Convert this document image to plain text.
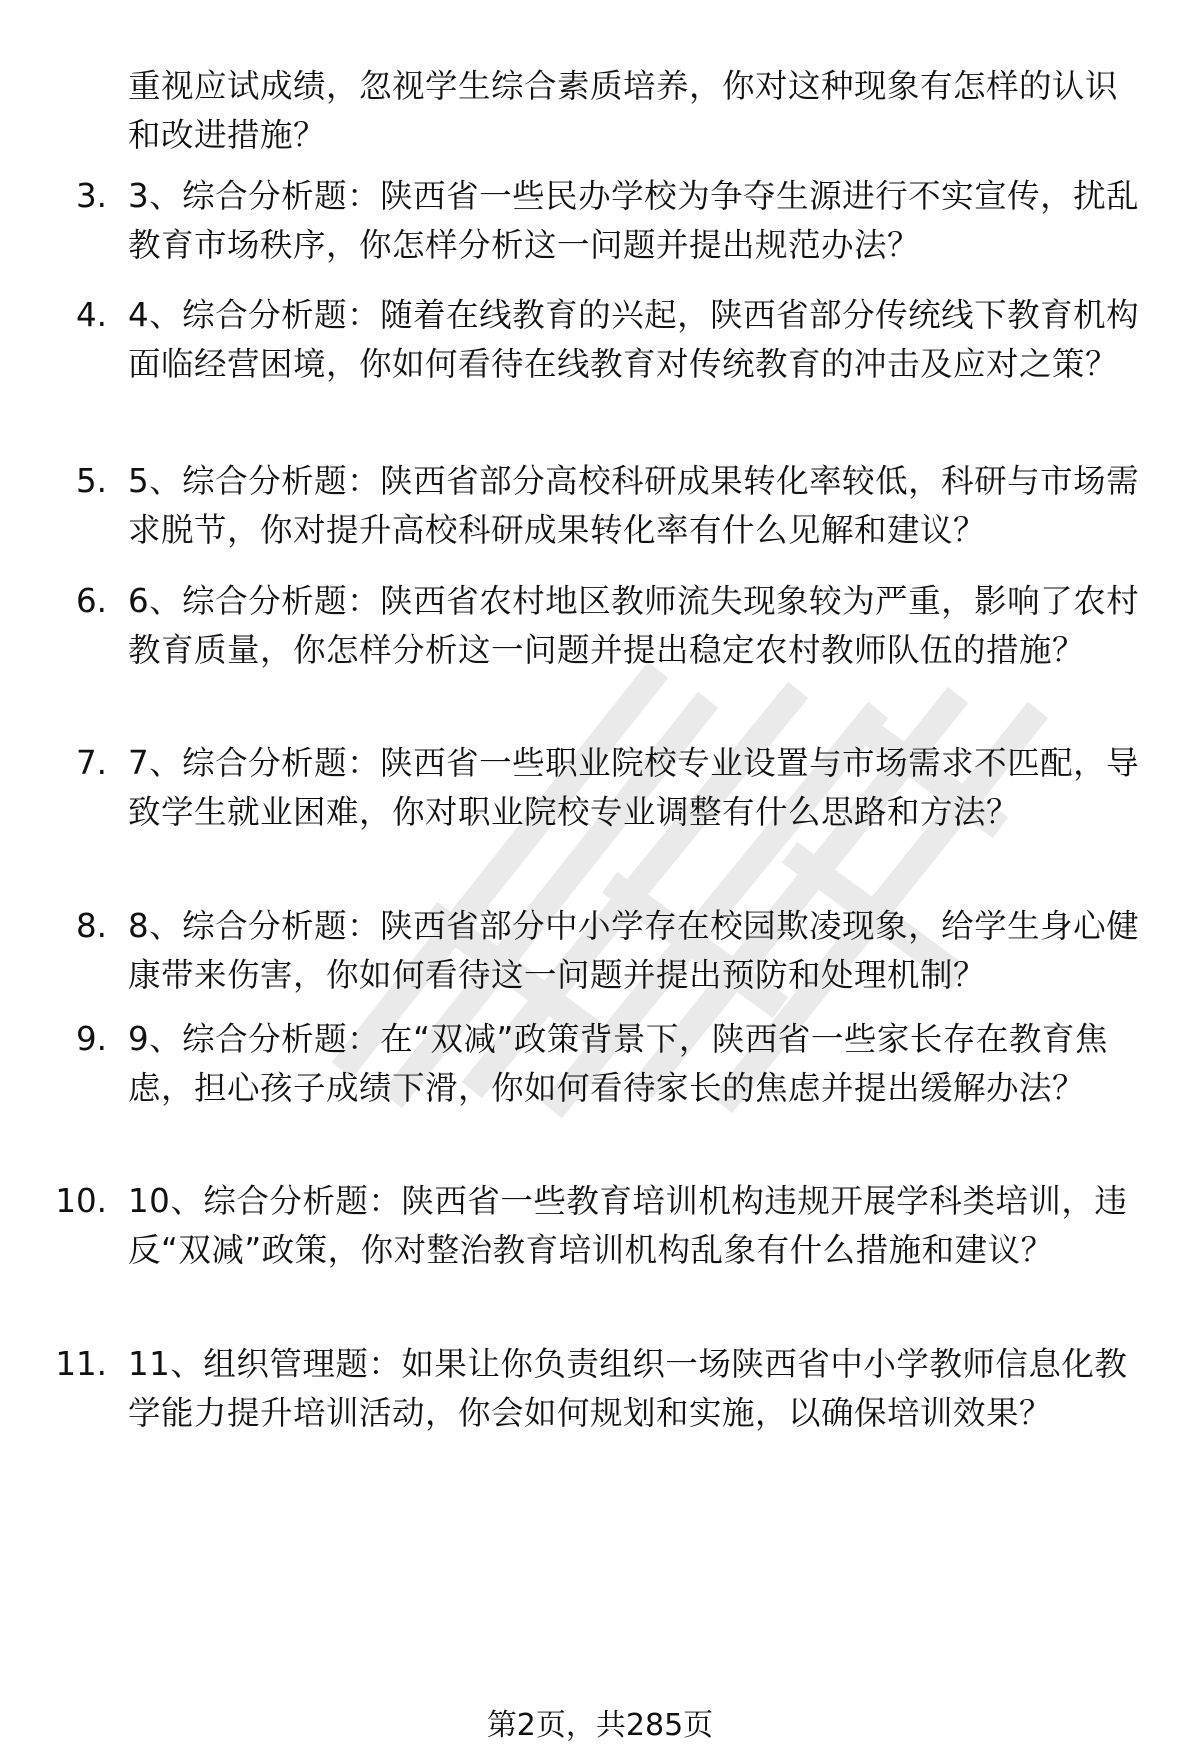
重视应试成绩，忽视学生综合素质培养，你对这种现象有怎样的认识和改进措施？
3. 3、综合分析题：陕西省一些民办学校为争夺生源进行不实宣传，扰乱教育市场秩序，你怎样分析这一问题并提出规范办法？
4. 4、综合分析题：随着在线教育的兴起，陕西省部分传统线下教育机构面临经营困境，你如何看待在线教育对传统教育的冲击及应对之策？
5. 5、综合分析题：陕西省部分高校科研成果转化率较低，科研与市场需求脱节，你对提升高校科研成果转化率有什么见解和建议？
6. 6、综合分析题：陕西省农村地区教师流失现象较为严重，影响了农村教育质量，你怎样分析这一问题并提出稳定农村教师队伍的措施？
7. 7、综合分析题：陕西省一些职业院校专业设置与市场需求不匹配，导致学生就业困难，你对职业院校专业调整有什么思路和方法？
8. 8、综合分析题：陕西省部分中小学存在校园欺凌现象，给学生身心健康带来伤害，你如何看待这一问题并提出预防和处理机制？
9. 9、综合分析题：在“双减”政策背景下，陕西省一些家长存在教育焦虑，担心孩子成绩下滑，你如何看待家长的焦虑并提出缓解办法？
10. 10、综合分析题：陕西省一些教育培训机构违规开展学科类培训，违反“双减”政策，你对整治教育培训机构乱象有什么措施和建议？
11. 11、组织管理题：如果让你负责组织一场陕西省中小学教师信息化教学能力提升培训活动，你会如何规划和实施，以确保培训效果？
第2页，共285页
